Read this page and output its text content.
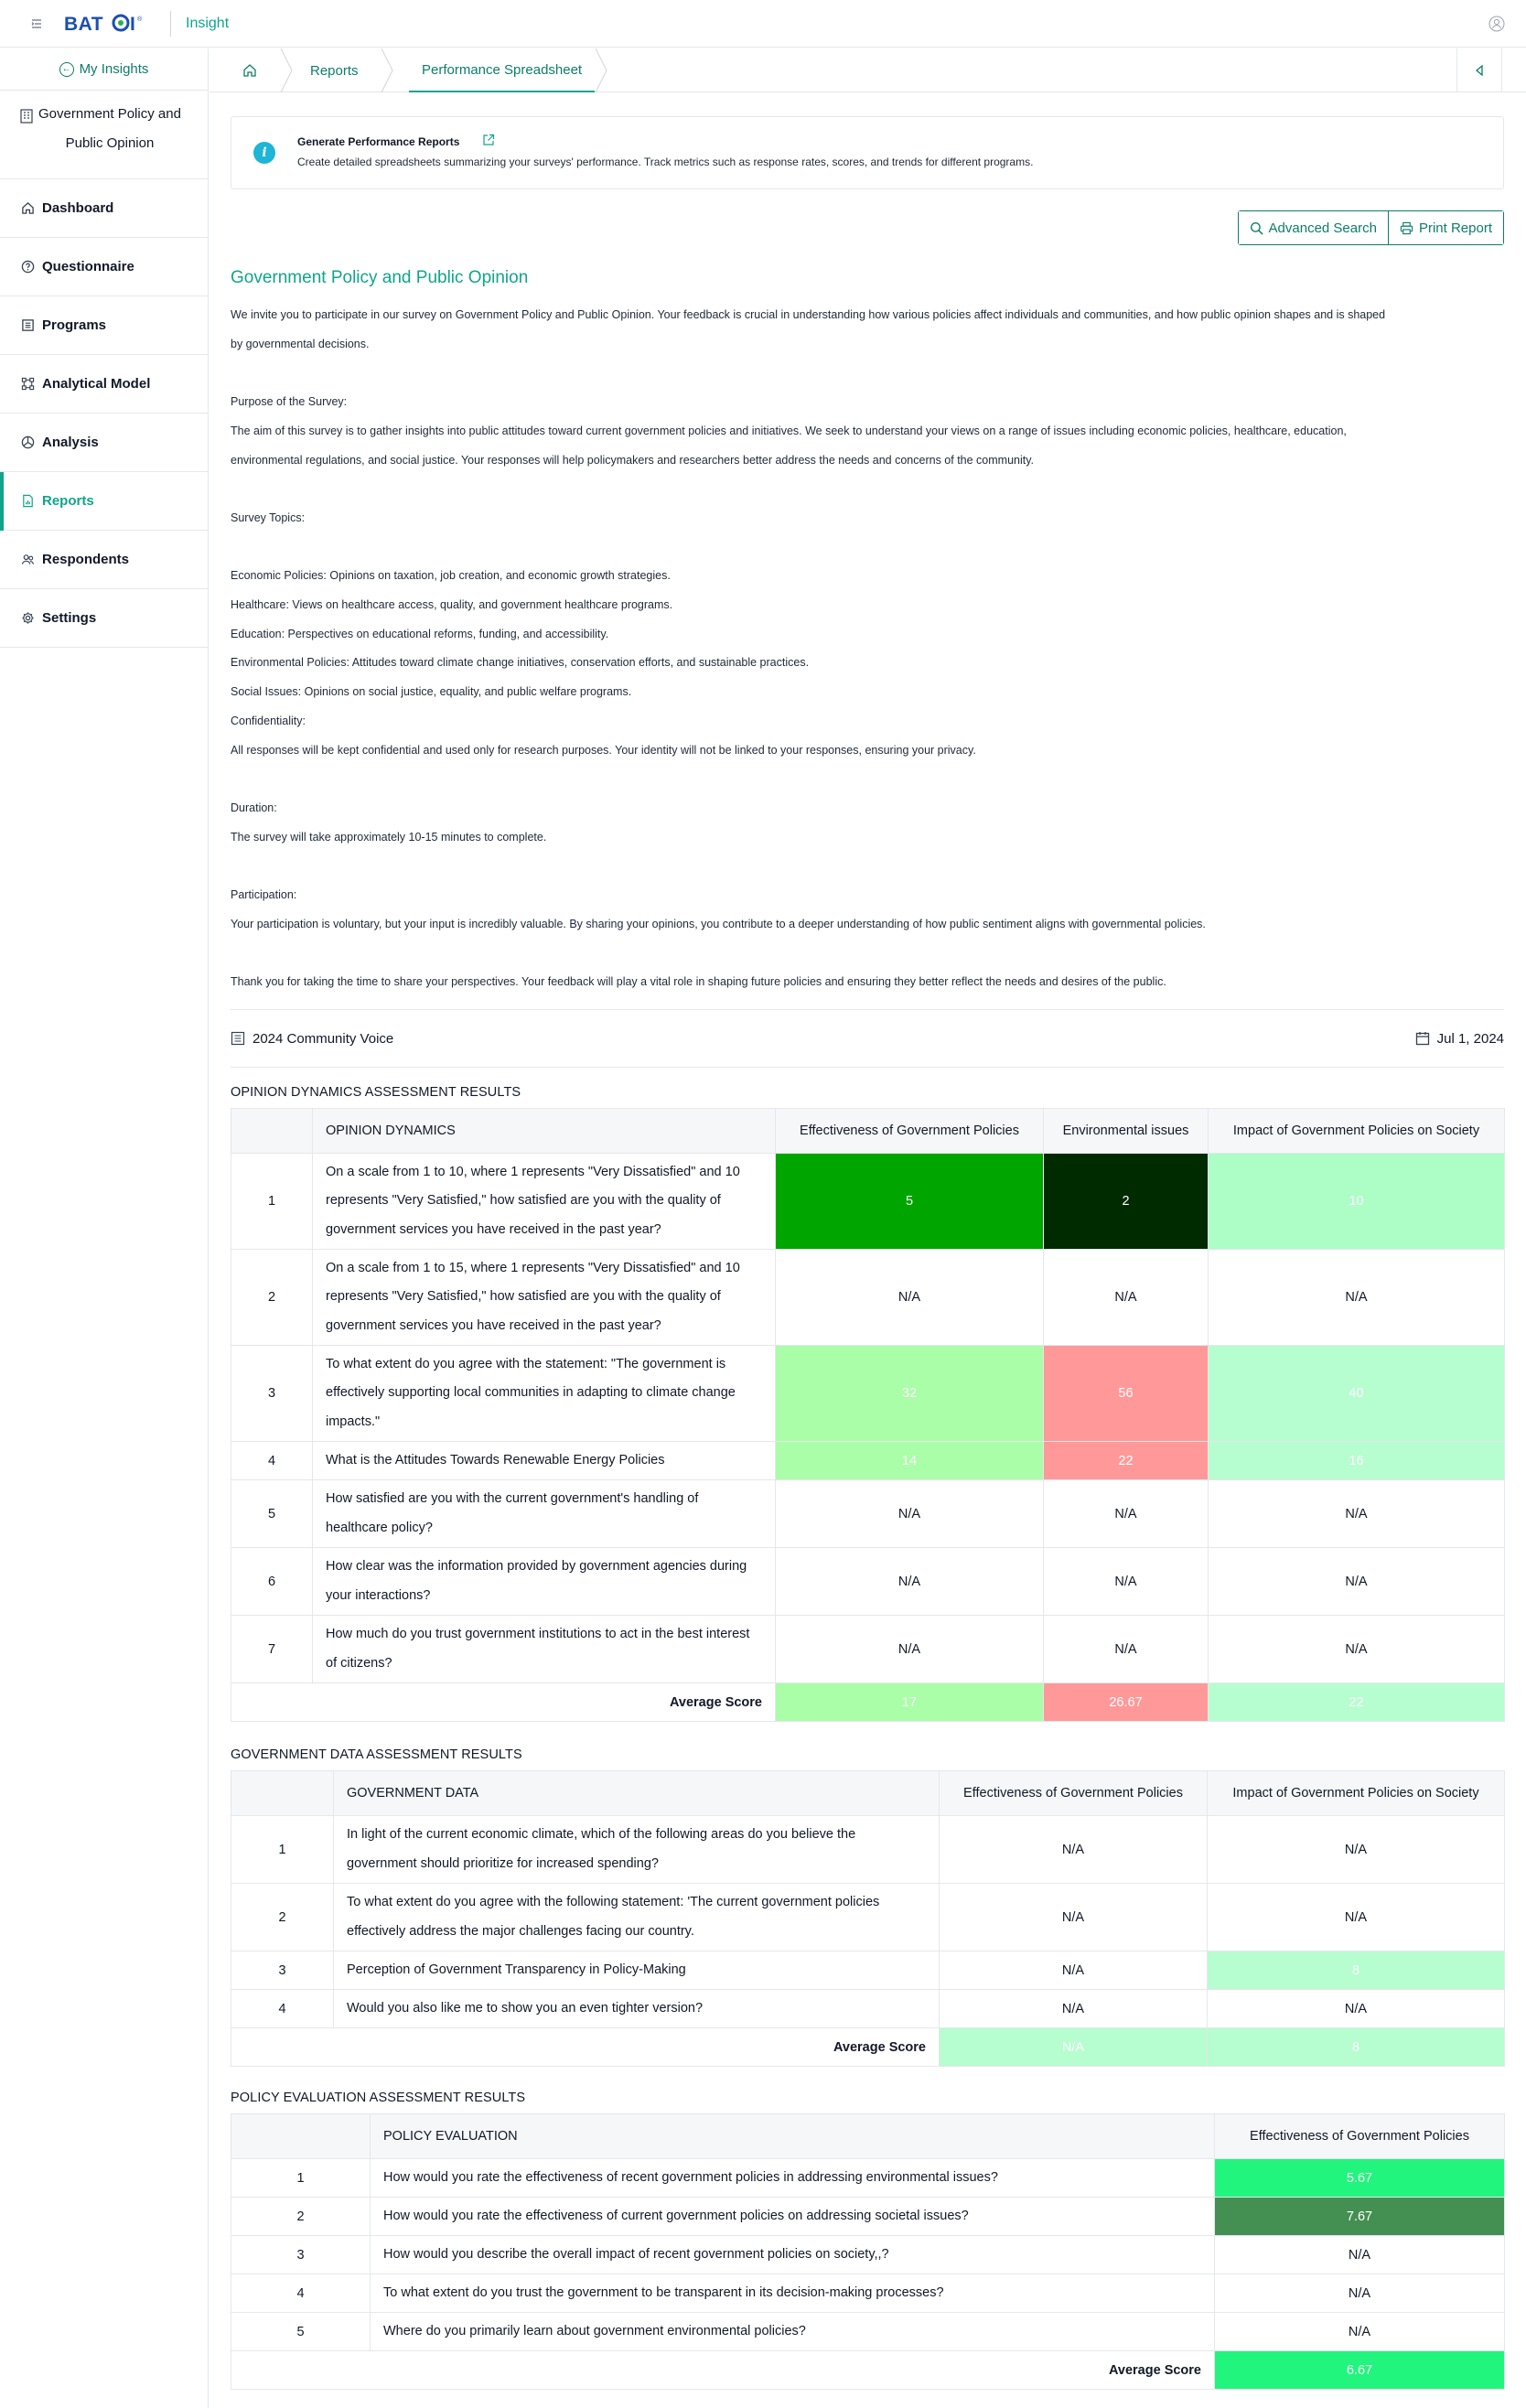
BAT I ®	Insight
← My Insights
Government Policy and
Public Opinion
Dashboard
Questionnaire
Programs
Analytical Model
Analysis
Reports
Respondents
Settings
Reports	Performance Spreadsheet
i
Generate Performance Reports
Create detailed spreadsheets summarizing your surveys' performance. Track metrics such as response rates, scores, and trends for different programs.
Advanced Search	Print Report
Government Policy and Public Opinion

We invite you to participate in our survey on Government Policy and Public Opinion. Your feedback is crucial in understanding how various policies affect individuals and communities, and how public opinion shapes and is shaped

by governmental decisions.

Purpose of the Survey:

The aim of this survey is to gather insights into public attitudes toward current government policies and initiatives. We seek to understand your views on a range of issues including economic policies, healthcare, education,

environmental regulations, and social justice. Your responses will help policymakers and researchers better address the needs and concerns of the community.

Survey Topics:

Economic Policies: Opinions on taxation, job creation, and economic growth strategies.

Healthcare: Views on healthcare access, quality, and government healthcare programs.

Education: Perspectives on educational reforms, funding, and accessibility.

Environmental Policies: Attitudes toward climate change initiatives, conservation efforts, and sustainable practices.

Social Issues: Opinions on social justice, equality, and public welfare programs.

Confidentiality:

All responses will be kept confidential and used only for research purposes. Your identity will not be linked to your responses, ensuring your privacy.

Duration:

The survey will take approximately 10-15 minutes to complete.

Participation:

Your participation is voluntary, but your input is incredibly valuable. By sharing your opinions, you contribute to a deeper understanding of how public sentiment aligns with governmental policies.

Thank you for taking the time to share your perspectives. Your feedback will play a vital role in shaping future policies and ensuring they better reflect the needs and desires of the public.

2024 Community Voice	Jul 1, 2024
OPINION DYNAMICS ASSESSMENT RESULTS
	OPINION DYNAMICS	Effectiveness of Government Policies	Environmental issues	Impact of Government Policies on Society
1	On a scale from 1 to 10, where 1 represents "Very Dissatisfied" and 10 represents "Very Satisfied," how satisfied are you with the quality of government services you have received in the past year?	5	2	10
2	On a scale from 1 to 15, where 1 represents "Very Dissatisfied" and 10 represents "Very Satisfied," how satisfied are you with the quality of government services you have received in the past year?	N/A	N/A	N/A
3	To what extent do you agree with the statement: "The government is effectively supporting local communities in adapting to climate change impacts."	32	56	40
4	What is the Attitudes Towards Renewable Energy Policies	14	22	16
5	How satisfied are you with the current government's handling of healthcare policy?	N/A	N/A	N/A
6	How clear was the information provided by government agencies during your interactions?	N/A	N/A	N/A
7	How much do you trust government institutions to act in the best interest of citizens?	N/A	N/A	N/A
Average Score		17	26.67	22
GOVERNMENT DATA ASSESSMENT RESULTS
	GOVERNMENT DATA	Effectiveness of Government Policies	Impact of Government Policies on Society
1	In light of the current economic climate, which of the following areas do you believe the government should prioritize for increased spending?	N/A	N/A
2	To what extent do you agree with the following statement: 'The current government policies effectively address the major challenges facing our country.	N/A	N/A
3	Perception of Government Transparency in Policy-Making	N/A	8
4	Would you also like me to show you an even tighter version?	N/A	N/A
Average Score		N/A	8
POLICY EVALUATION ASSESSMENT RESULTS
	POLICY EVALUATION	Effectiveness of Government Policies
1	How would you rate the effectiveness of recent government policies in addressing environmental issues?	5.67
2	How would you rate the effectiveness of current government policies on addressing societal issues?	7.67
3	How would you describe the overall impact of recent government policies on society,,?	N/A
4	To what extent do you trust the government to be transparent in its decision-making processes?	N/A
5	Where do you primarily learn about government environmental policies?	N/A
Average Score		6.67
